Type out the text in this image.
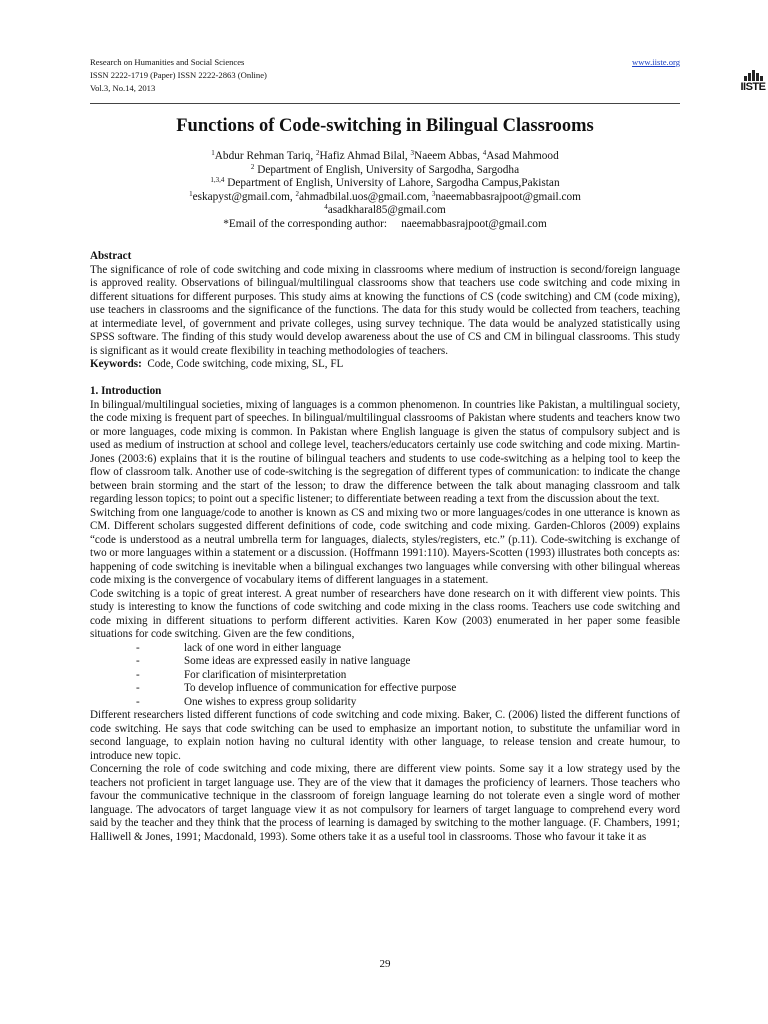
Research on Humanities and Social Sciences
ISSN 2222-1719 (Paper) ISSN 2222-2863 (Online)
Vol.3, No.14, 2013
www.iiste.org
IISTE
Functions of Code-switching in Bilingual Classrooms
$^1$Abdur Rehman Tariq, $^2$Hafiz Ahmad Bilal, $^3$Naeem Abbas, $^4$Asad Mahmood
$^2$ Department of English, University of Sargodha, Sargodha
$^{1,3,4}$ Department of English, University of Lahore, Sargodha Campus,Pakistan
$^1$eskapyst@gmail.com, $^2$ahmadbilal.uos@gmail.com, $^3$naeemabbasrajpoot@gmail.com
$^4$asadkharal85@gmail.com
*Email of the corresponding author:     naeemabbasrajpoot@gmail.com

Abstract

The significance of role of code switching and code mixing in classrooms where medium of instruction is second/foreign language is approved reality. Observations of bilingual/multilingual classrooms show that teachers use code switching and code mixing in different situations for different purposes. This study aims at knowing the functions of CS (code switching) and CM (code mixing), use teachers in classrooms and the significance of the functions. The data for this study would be collected from teachers, teaching at intermediate level, of government and private colleges, using survey technique. The data would be analyzed statistically using SPSS software. The finding of this study would develop awareness about the use of CS and CM in bilingual classrooms. This study is significant as it would create flexibility in teaching methodologies of teachers.

Keywords:  Code, Code switching, code mixing, SL, FL

1. Introduction

In bilingual/multilingual societies, mixing of languages is a common phenomenon. In countries like Pakistan, a multilingual society, the code mixing is frequent part of speeches. In bilingual/multilingual classrooms of Pakistan where students and teachers know two or more languages, code mixing is common. In Pakistan where English language is given the status of compulsory subject and is used as medium of instruction at school and college level, teachers/educators certainly use code switching and code mixing. Martin-Jones (2003:6) explains that it is the routine of bilingual teachers and students to use code-switching as a helping tool to keep the flow of classroom talk. Another use of code-switching is the segregation of different types of communication: to indicate the change between brain storming and the start of the lesson; to draw the difference between the talk about managing classroom and talk regarding lesson topics; to point out a specific listener; to differentiate between reading a text from the discussion about the text.

Switching from one language/code to another is known as CS and mixing two or more languages/codes in one utterance is known as CM. Different scholars suggested different definitions of code, code switching and code mixing. Garden-Chloros (2009) explains “code is understood as a neutral umbrella term for languages, dialects, styles/registers, etc.” (p.11). Code-switching is exchange of two or more languages within a statement or a discussion. (Hoffmann 1991:110). Mayers-Scotten (1993) illustrates both concepts as: happening of code switching is inevitable when a bilingual exchanges two languages while conversing with other bilingual whereas code mixing is the convergence of vocabulary items of different languages in a statement.

Code switching is a topic of great interest. A great number of researchers have done research on it with different view points. This study is interesting to know the functions of code switching and code mixing in the class rooms. Teachers use code switching and code mixing in different situations to perform different activities. Karen Kow (2003) enumerated in her paper some feasible situations for code switching. Given are the few conditions,

-	lack of one word in either language
-	Some ideas are expressed easily in native language
-	For clarification of misinterpretation
-	To develop influence of communication for effective purpose
-	One wishes to express group solidarity

Different researchers listed different functions of code switching and code mixing. Baker, C. (2006) listed the different functions of code switching. He says that code switching can be used to emphasize an important notion, to substitute the unfamiliar word in second language, to explain notion having no cultural identity with other language, to release tension and create humour, to introduce new topic.

Concerning the role of code switching and code mixing, there are different view points. Some say it a low strategy used by the teachers not proficient in target language use. They are of the view that it damages the proficiency of learners. Those teachers who favour the communicative technique in the classroom of foreign language learning do not tolerate even a single word of mother language. The advocators of target language view it as not compulsory for learners of target language to comprehend every word said by the teacher and they think that the process of learning is damaged by switching to the mother language. (F. Chambers, 1991; Halliwell & Jones, 1991; Macdonald, 1993). Some others take it as a useful tool in classrooms. Those who favour it take it as

29
